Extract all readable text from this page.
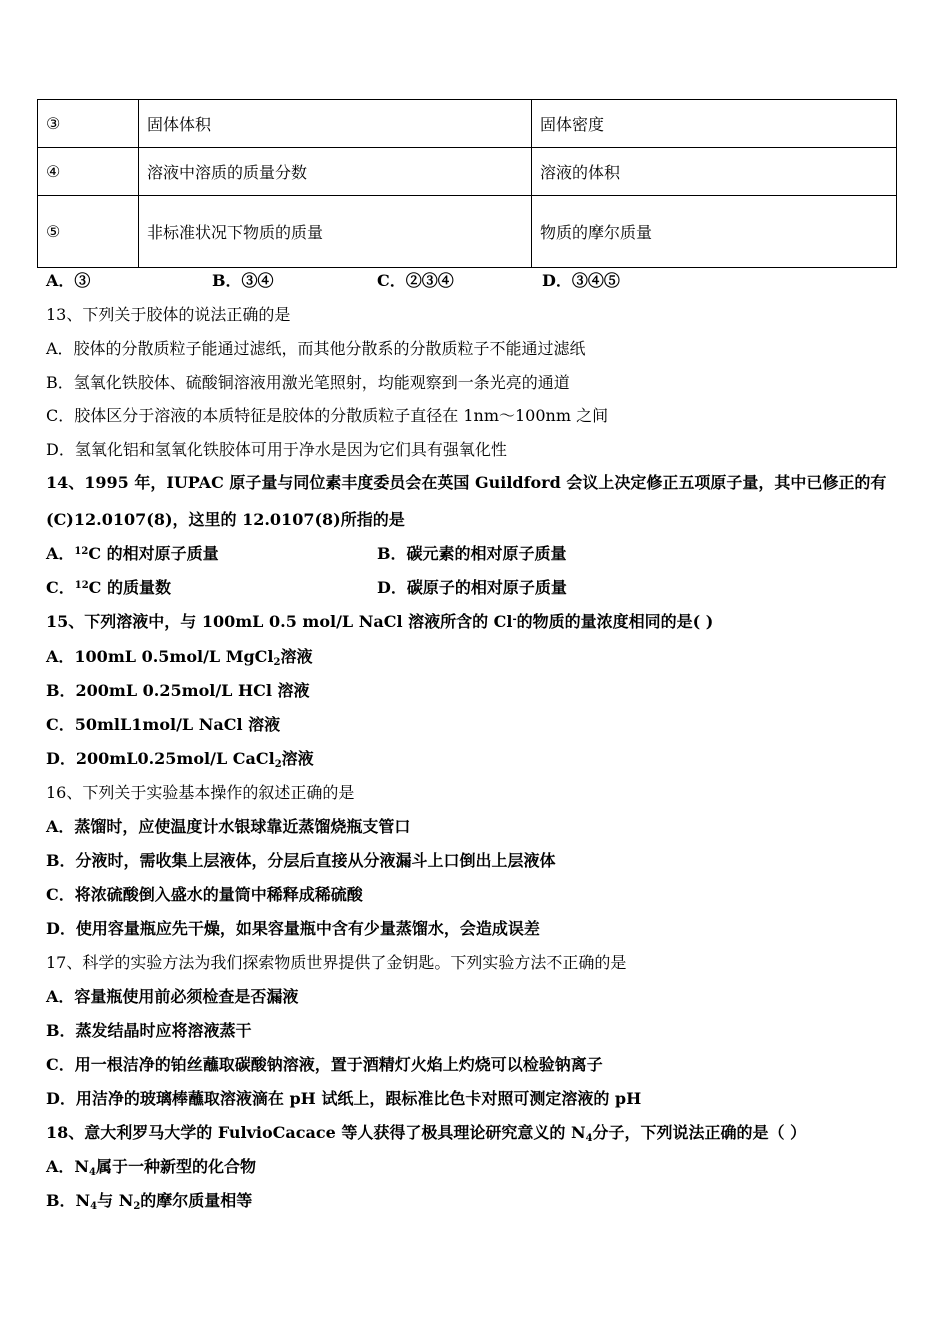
③	固体体积	固体密度
④	溶液中溶质的质量分数	溶液的体积
⑤	非标准状况下物质的质量	物质的摩尔质量
A．③	B．③④	C．②③④	D．③④⑤
13、下列关于胶体的说法正确的是
A．胶体的分散质粒子能通过滤纸，而其他分散系的分散质粒子不能通过滤纸
B．氢氧化铁胶体、硫酸铜溶液用激光笔照射，均能观察到一条光亮的通道
C．胶体区分于溶液的本质特征是胶体的分散质粒子直径在 1nm～100nm 之间
D．氢氧化铝和氢氧化铁胶体可用于净水是因为它们具有强氧化性
14、1995 年，IUPAC 原子量与同位素丰度委员会在英国 Guildford 会议上决定修正五项原子量，其中已修正的有
(C)12.0107(8)，这里的 12.0107(8)所指的是
A．$^{12}$C 的相对原子质量	B．碳元素的相对原子质量
C．$^{12}$C 的质量数	D．碳原子的相对原子质量
15、下列溶液中，与 100mL 0.5 mol/L NaCl 溶液所含的 Cl-的物质的量浓度相同的是( )
A．100mL 0.5mol/L MgCl$_2$溶液
B．200mL 0.25mol/L HCl 溶液
C．50mlL1mol/L NaCl 溶液
D．200mL0.25mol/L CaCl$_2$溶液
16、下列关于实验基本操作的叙述正确的是
A．蒸馏时，应使温度计水银球靠近蒸馏烧瓶支管口
B．分液时，需收集上层液体，分层后直接从分液漏斗上口倒出上层液体
C．将浓硫酸倒入盛水的量筒中稀释成稀硫酸
D．使用容量瓶应先干燥，如果容量瓶中含有少量蒸馏水，会造成误差
17、科学的实验方法为我们探索物质世界提供了金钥匙。下列实验方法不正确的是
A．容量瓶使用前必须检查是否漏液
B．蒸发结晶时应将溶液蒸干
C．用一根洁净的铂丝蘸取碳酸钠溶液，置于酒精灯火焰上灼烧可以检验钠离子
D．用洁净的玻璃棒蘸取溶液滴在 pH 试纸上，跟标准比色卡对照可测定溶液的 pH
18、意大利罗马大学的 FulvioCacace 等人获得了极具理论研究意义的 $N_4$分子，下列说法正确的是（ ）
A．$N_4$属于一种新型的化合物
B．$N_4$与 $N_2$的摩尔质量相等
